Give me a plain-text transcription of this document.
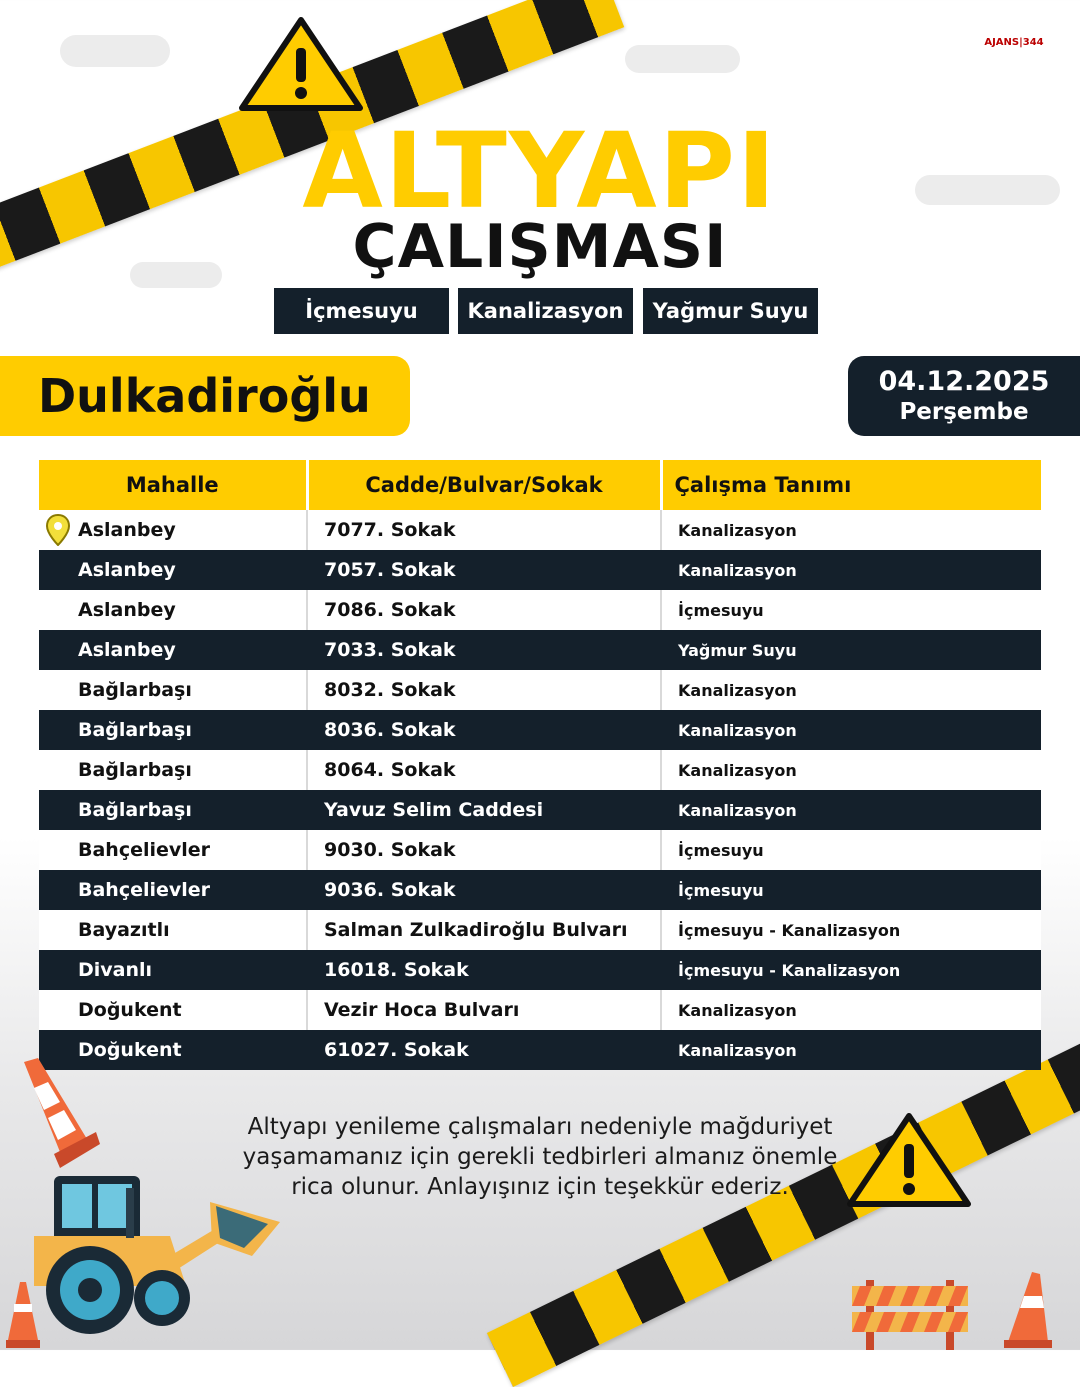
AJANS|344
ALTYAPI
ÇALIŞMASI
İçmesuyu	Kanalizasyon	Yağmur Suyu
Dulkadiroğlu	04.12.2025
Perşembe
Mahalle	Cadde/Bulvar/Sokak	Çalışma Tanımı
Aslanbey	7077. Sokak	Kanalizasyon
Aslanbey	7057. Sokak	Kanalizasyon
Aslanbey	7086. Sokak	İçmesuyu
Aslanbey	7033. Sokak	Yağmur Suyu
Bağlarbaşı	8032. Sokak	Kanalizasyon
Bağlarbaşı	8036. Sokak	Kanalizasyon
Bağlarbaşı	8064. Sokak	Kanalizasyon
Bağlarbaşı	Yavuz Selim Caddesi	Kanalizasyon
Bahçelievler	9030. Sokak	İçmesuyu
Bahçelievler	9036. Sokak	İçmesuyu
Bayazıtlı	Salman Zulkadiroğlu Bulvarı	İçmesuyu - Kanalizasyon
Divanlı	16018. Sokak	İçmesuyu - Kanalizasyon
Doğukent	Vezir Hoca Bulvarı	Kanalizasyon
Doğukent	61027. Sokak	Kanalizasyon
Altyapı yenileme çalışmaları nedeniyle mağduriyet yaşamamanız için gerekli tedbirleri almanız önemle rica olunur. Anlayışınız için teşekkür ederiz.
